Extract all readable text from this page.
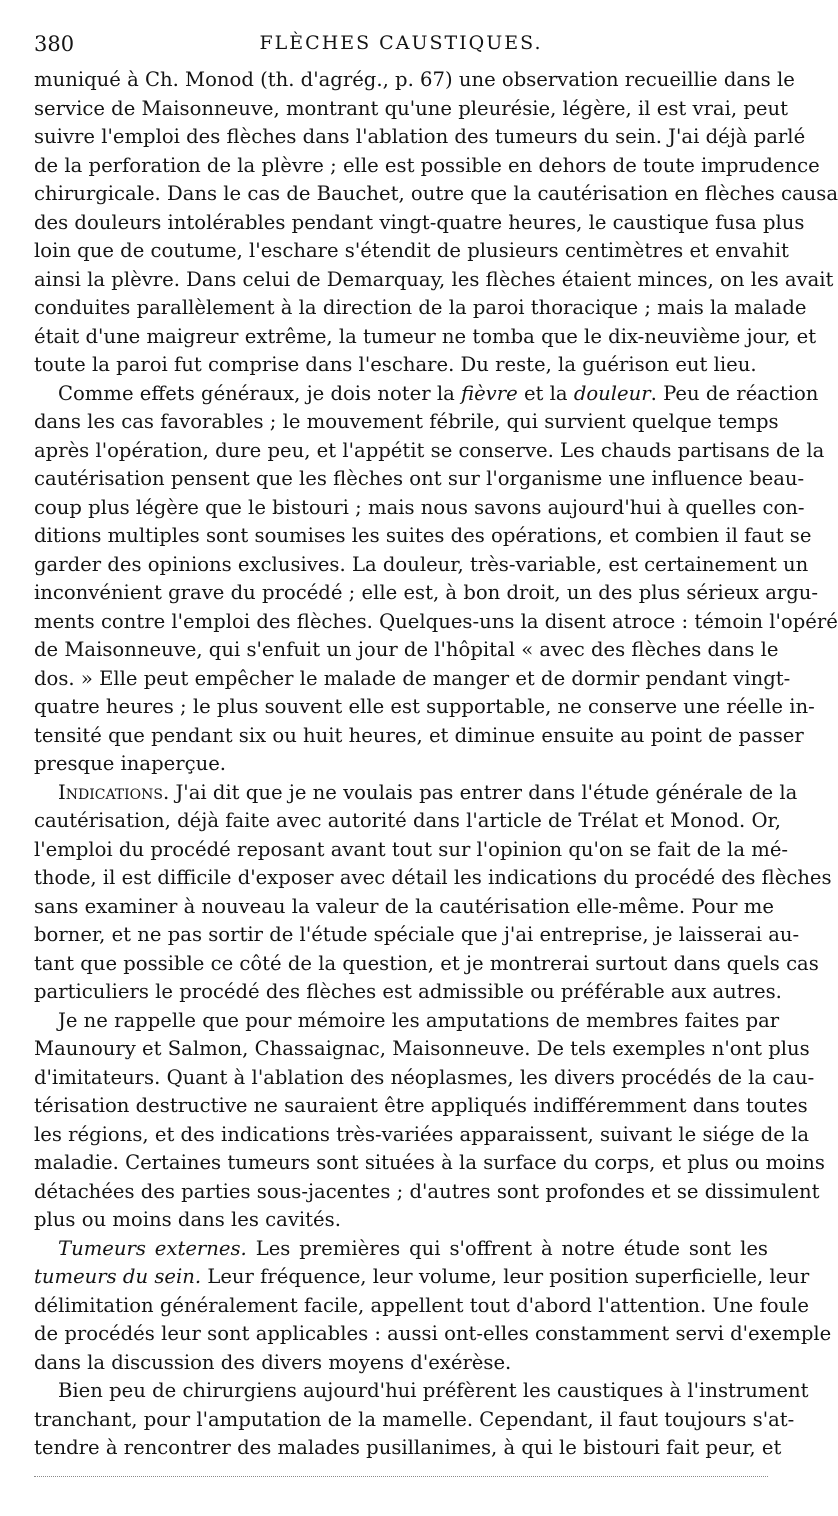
380	FLÈCHES CAUSTIQUES.
muniqué à Ch. Monod (th. d'agrég., p. 67) une observation recueillie dans le
service de Maisonneuve, montrant qu'une pleurésie, légère, il est vrai, peut
suivre l'emploi des flèches dans l'ablation des tumeurs du sein. J'ai déjà parlé
de la perforation de la plèvre ; elle est possible en dehors de toute imprudence
chirurgicale. Dans le cas de Bauchet, outre que la cautérisation en flèches causa
des douleurs intolérables pendant vingt-quatre heures, le caustique fusa plus
loin que de coutume, l'eschare s'étendit de plusieurs centimètres et envahit
ainsi la plèvre. Dans celui de Demarquay, les flèches étaient minces, on les avait
conduites parallèlement à la direction de la paroi thoracique ; mais la malade
était d'une maigreur extrême, la tumeur ne tomba que le dix-neuvième jour, et
toute la paroi fut comprise dans l'eschare. Du reste, la guérison eut lieu.
Comme effets généraux, je dois noter la fièvre et la douleur. Peu de réaction
dans les cas favorables ; le mouvement fébrile, qui survient quelque temps
après l'opération, dure peu, et l'appétit se conserve. Les chauds partisans de la
cautérisation pensent que les flèches ont sur l'organisme une influence beau-
coup plus légère que le bistouri ; mais nous savons aujourd'hui à quelles con-
ditions multiples sont soumises les suites des opérations, et combien il faut se
garder des opinions exclusives. La douleur, très-variable, est certainement un
inconvénient grave du procédé ; elle est, à bon droit, un des plus sérieux argu-
ments contre l'emploi des flèches. Quelques-uns la disent atroce : témoin l'opéré
de Maisonneuve, qui s'enfuit un jour de l'hôpital « avec des flèches dans le
dos. » Elle peut empêcher le malade de manger et de dormir pendant vingt-
quatre heures ; le plus souvent elle est supportable, ne conserve une réelle in-
tensité que pendant six ou huit heures, et diminue ensuite au point de passer
presque inaperçue.
Indications. J'ai dit que je ne voulais pas entrer dans l'étude générale de la
cautérisation, déjà faite avec autorité dans l'article de Trélat et Monod. Or,
l'emploi du procédé reposant avant tout sur l'opinion qu'on se fait de la mé-
thode, il est difficile d'exposer avec détail les indications du procédé des flèches
sans examiner à nouveau la valeur de la cautérisation elle-même. Pour me
borner, et ne pas sortir de l'étude spéciale que j'ai entreprise, je laisserai au-
tant que possible ce côté de la question, et je montrerai surtout dans quels cas
particuliers le procédé des flèches est admissible ou préférable aux autres.
Je ne rappelle que pour mémoire les amputations de membres faites par
Maunoury et Salmon, Chassaignac, Maisonneuve. De tels exemples n'ont plus
d'imitateurs. Quant à l'ablation des néoplasmes, les divers procédés de la cau-
térisation destructive ne sauraient être appliqués indifféremment dans toutes
les régions, et des indications très-variées apparaissent, suivant le siége de la
maladie. Certaines tumeurs sont situées à la surface du corps, et plus ou moins
détachées des parties sous-jacentes ; d'autres sont profondes et se dissimulent
plus ou moins dans les cavités.
Tumeurs externes. Les premières qui s'offrent à notre étude sont les
tumeurs du sein. Leur fréquence, leur volume, leur position superficielle, leur
délimitation généralement facile, appellent tout d'abord l'attention. Une foule
de procédés leur sont applicables : aussi ont-elles constamment servi d'exemple
dans la discussion des divers moyens d'exérèse.
Bien peu de chirurgiens aujourd'hui préfèrent les caustiques à l'instrument
tranchant, pour l'amputation de la mamelle. Cependant, il faut toujours s'at-
tendre à rencontrer des malades pusillanimes, à qui le bistouri fait peur, et
